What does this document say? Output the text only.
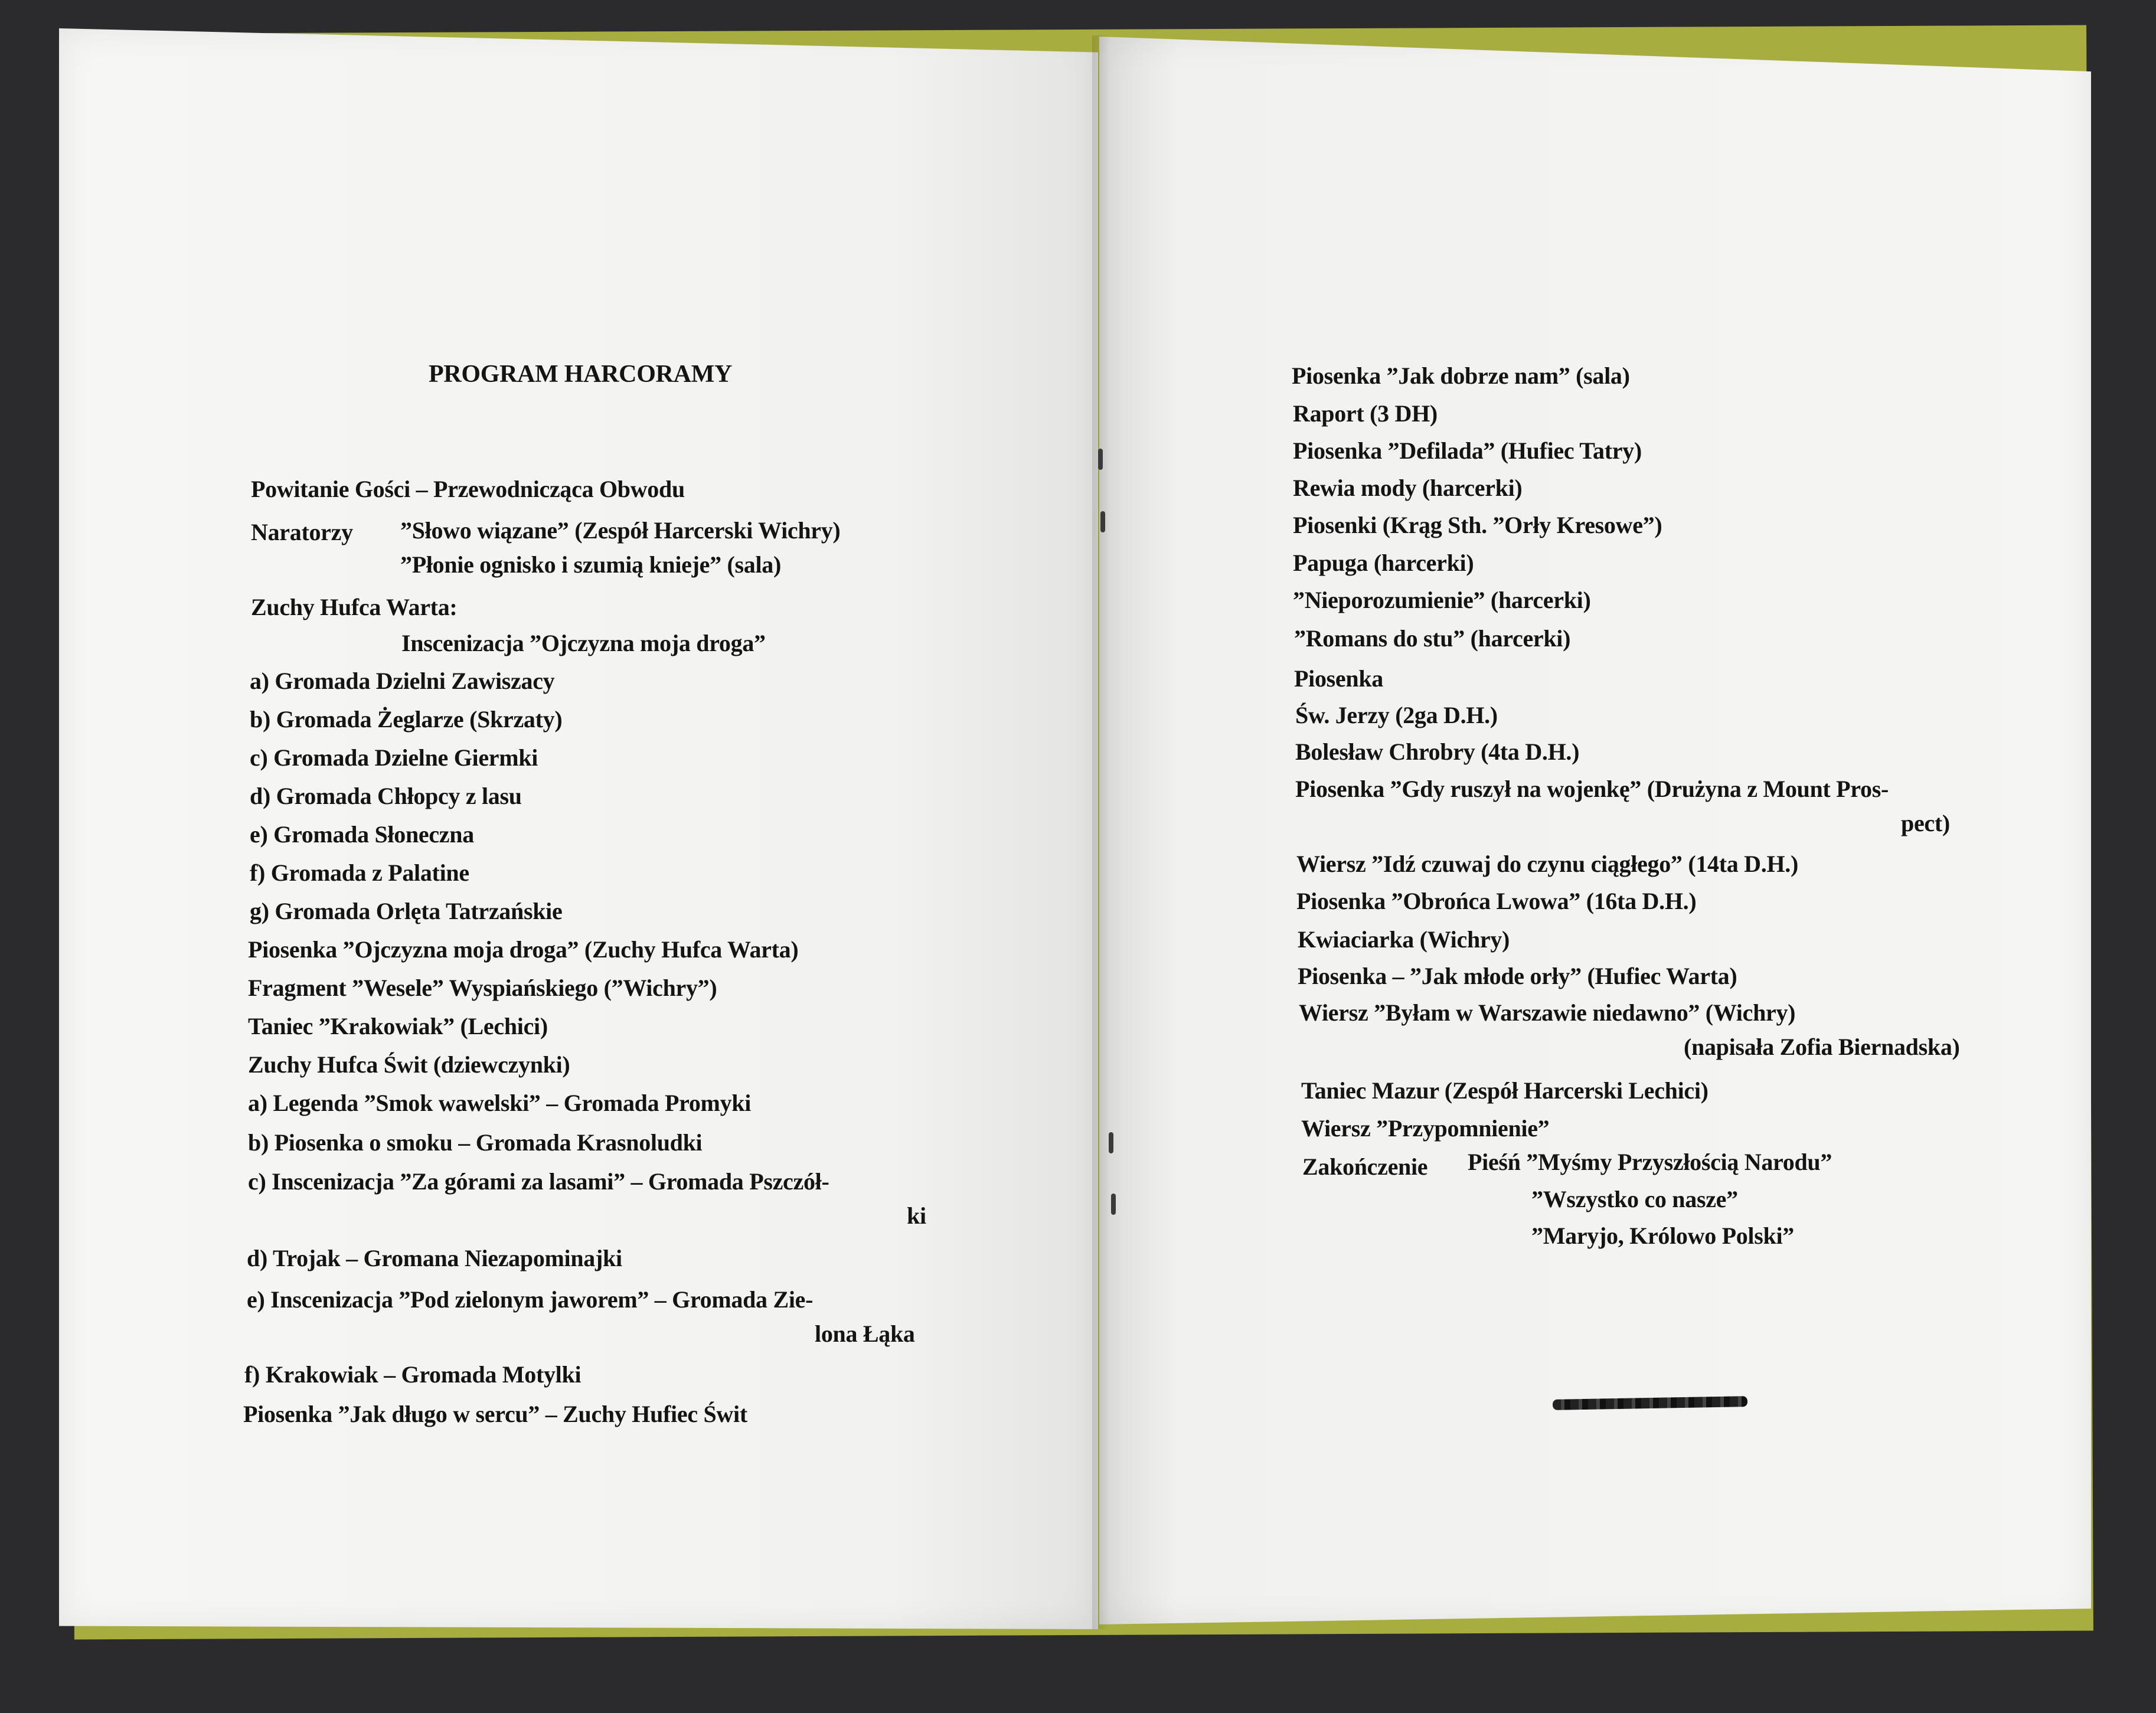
PROGRAM HARCORAMY
Powitanie Gości – Przewodnicząca Obwodu
Naratorzy ”Słowo wiązane” (Zespół Harcerski Wichry)
”Płonie ognisko i szumią knieje” (sala)
Zuchy Hufca Warta:
Inscenizacja ”Ojczyzna moja droga”
a) Gromada Dzielni Zawiszacy
b) Gromada Żeglarze (Skrzaty)
c) Gromada Dzielne Giermki
d) Gromada Chłopcy z lasu
e) Gromada Słoneczna
f) Gromada z Palatine
g) Gromada Orlęta Tatrzańskie
Piosenka ”Ojczyzna moja droga” (Zuchy Hufca Warta)
Fragment ”Wesele” Wyspiańskiego (”Wichry”)
Taniec ”Krakowiak” (Lechici)
Zuchy Hufca Świt (dziewczynki)
a) Legenda ”Smok wawelski” – Gromada Promyki
b) Piosenka o smoku – Gromada Krasnoludki
c) Inscenizacja ”Za górami za lasami” – Gromada Pszczół-
ki
d) Trojak – Gromana Niezapominajki
e) Inscenizacja ”Pod zielonym jaworem” – Gromada Zie-
lona Łąka
f) Krakowiak – Gromada Motylki
Piosenka ”Jak długo w sercu” – Zuchy Hufiec Świt
Piosenka ”Jak dobrze nam” (sala)
Raport (3 DH)
Piosenka ”Defilada” (Hufiec Tatry)
Rewia mody (harcerki)
Piosenki (Krąg Sth. ”Orły Kresowe”)
Papuga (harcerki)
”Nieporozumienie” (harcerki)
”Romans do stu” (harcerki)
Piosenka
Św. Jerzy (2ga D.H.)
Bolesław Chrobry (4ta D.H.)
Piosenka ”Gdy ruszył na wojenkę” (Drużyna z Mount Pros-
pect)
Wiersz ”Idź czuwaj do czynu ciągłego” (14ta D.H.)
Piosenka ”Obrońca Lwowa” (16ta D.H.)
Kwiaciarka (Wichry)
Piosenka – ”Jak młode orły” (Hufiec Warta)
Wiersz ”Byłam w Warszawie niedawno” (Wichry)
(napisała Zofia Biernadska)
Taniec Mazur (Zespół Harcerski Lechici)
Wiersz ”Przypomnienie”
Zakończenie Pieśń ”Myśmy Przyszłością Narodu”
”Wszystko co nasze”
”Maryjo, Królowo Polski”
